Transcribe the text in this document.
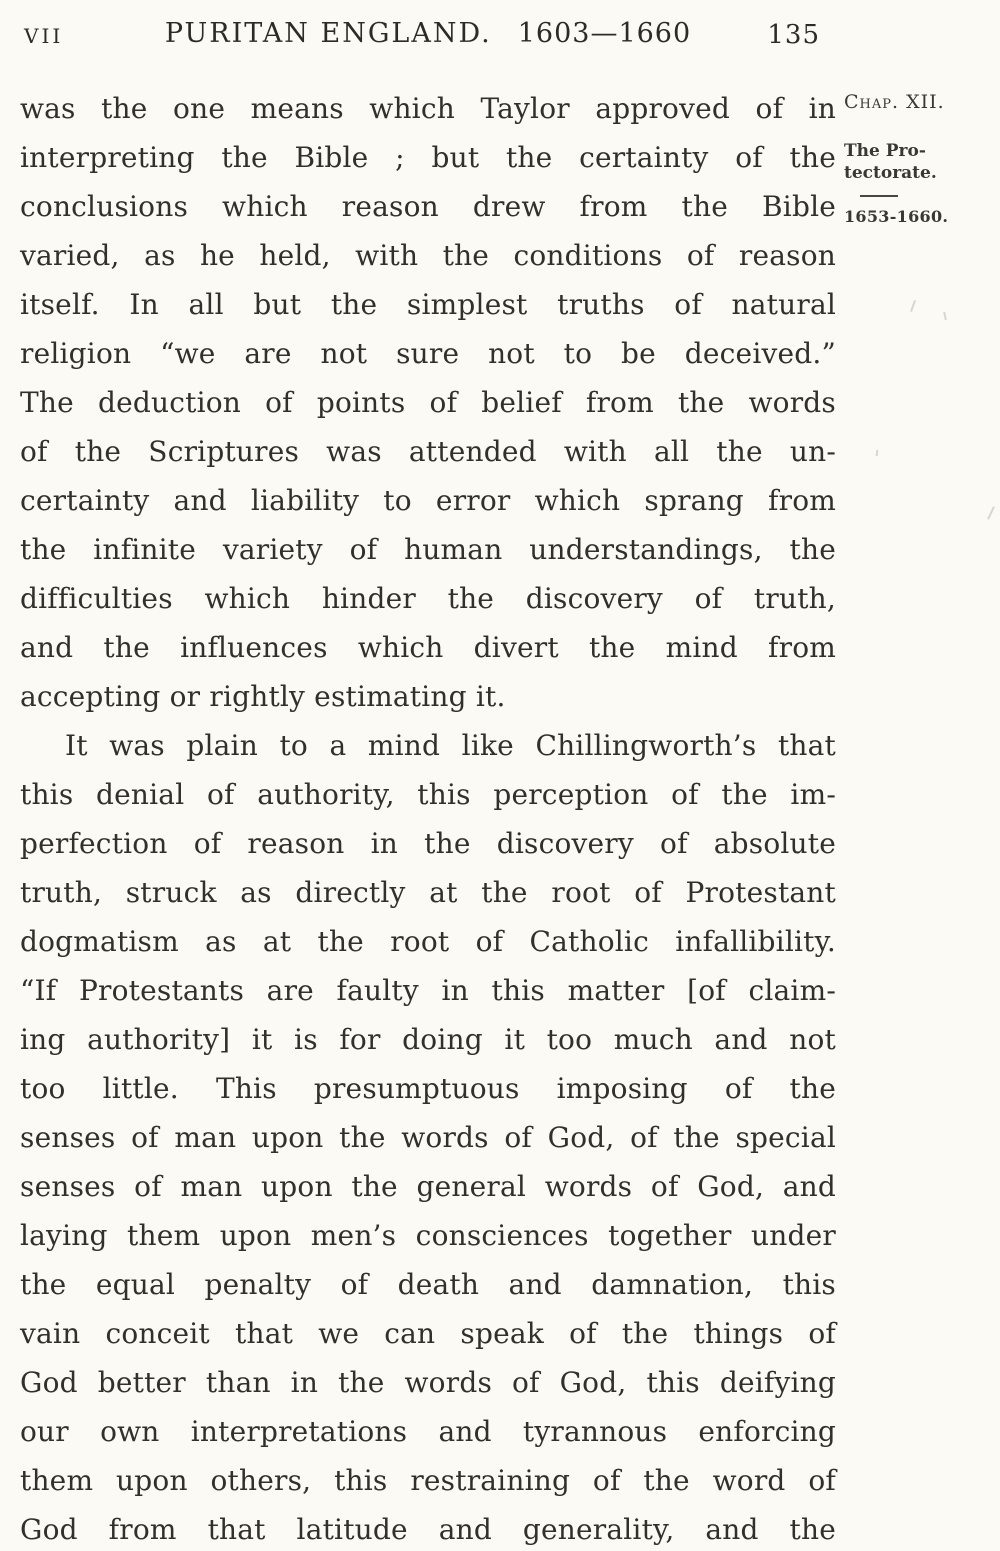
VII	PURITAN ENGLAND. 1603—1660	135
was the one means which Taylor approved of in
interpreting the Bible ; but the certainty of the
conclusions which reason drew from the Bible
varied, as he held, with the conditions of reason
itself. In all but the simplest truths of natural
religion “we are not sure not to be deceived.”
The deduction of points of belief from the words
of the Scriptures was attended with all the un-
certainty and liability to error which sprang from
the infinite variety of human understandings, the
difficulties which hinder the discovery of truth,
and the influences which divert the mind from
accepting or rightly estimating it.
It was plain to a mind like Chillingworth’s that
this denial of authority, this perception of the im-
perfection of reason in the discovery of absolute
truth, struck as directly at the root of Protestant
dogmatism as at the root of Catholic infallibility.
“If Protestants are faulty in this matter [of claim-
ing authority] it is for doing it too much and not
too little. This presumptuous imposing of the
senses of man upon the words of God, of the special
senses of man upon the general words of God, and
laying them upon men’s consciences together under
the equal penalty of death and damnation, this
vain conceit that we can speak of the things of
God better than in the words of God, this deifying
our own interpretations and tyrannous enforcing
them upon others, this restraining of the word of
God from that latitude and generality, and the
Chap. XII.
The Pro-
tectorate.
1653-1660.
